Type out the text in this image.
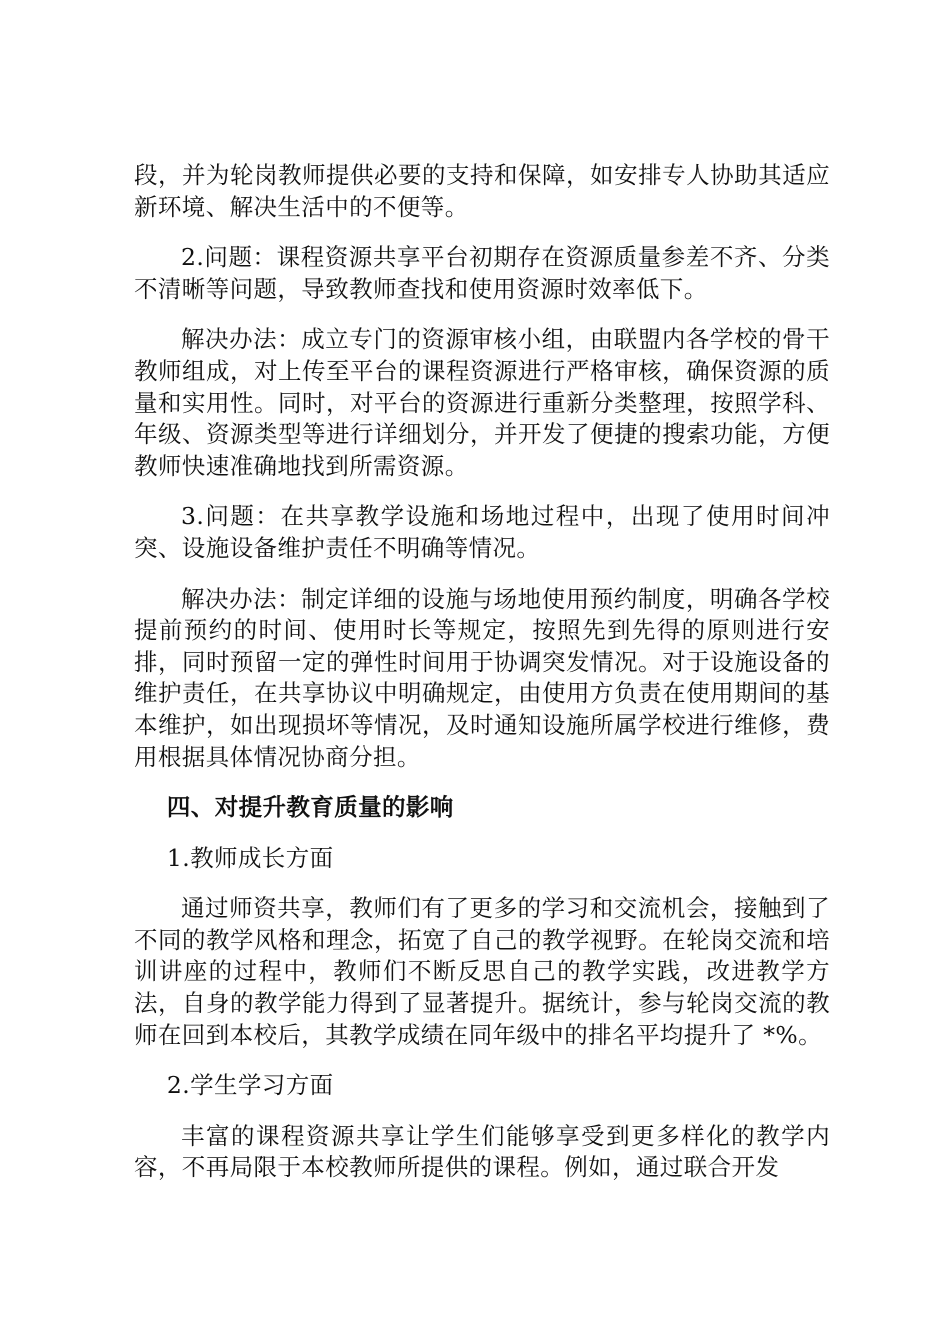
段，并为轮岗教师提供必要的支持和保障，如安排专人协助其适应新环境、解决生活中的不便等。

2.问题：课程资源共享平台初期存在资源质量参差不齐、分类不清晰等问题，导致教师查找和使用资源时效率低下。

解决办法：成立专门的资源审核小组，由联盟内各学校的骨干教师组成，对上传至平台的课程资源进行严格审核，确保资源的质量和实用性。同时，对平台的资源进行重新分类整理，按照学科、年级、资源类型等进行详细划分，并开发了便捷的搜索功能，方便教师快速准确地找到所需资源。

3.问题：在共享教学设施和场地过程中，出现了使用时间冲突、设施设备维护责任不明确等情况。

解决办法：制定详细的设施与场地使用预约制度，明确各学校提前预约的时间、使用时长等规定，按照先到先得的原则进行安排，同时预留一定的弹性时间用于协调突发情况。对于设施设备的维护责任，在共享协议中明确规定，由使用方负责在使用期间的基本维护，如出现损坏等情况，及时通知设施所属学校进行维修，费用根据具体情况协商分担。

四、对提升教育质量的影响

1.教师成长方面

通过师资共享，教师们有了更多的学习和交流机会，接触到了不同的教学风格和理念，拓宽了自己的教学视野。在轮岗交流和培训讲座的过程中，教师们不断反思自己的教学实践，改进教学方法，自身的教学能力得到了显著提升。据统计，参与轮岗交流的教师在回到本校后，其教学成绩在同年级中的排名平均提升了 *%。

2.学生学习方面

丰富的课程资源共享让学生们能够享受到更多样化的教学内容，不再局限于本校教师所提供的课程。例如，通过联合开发
